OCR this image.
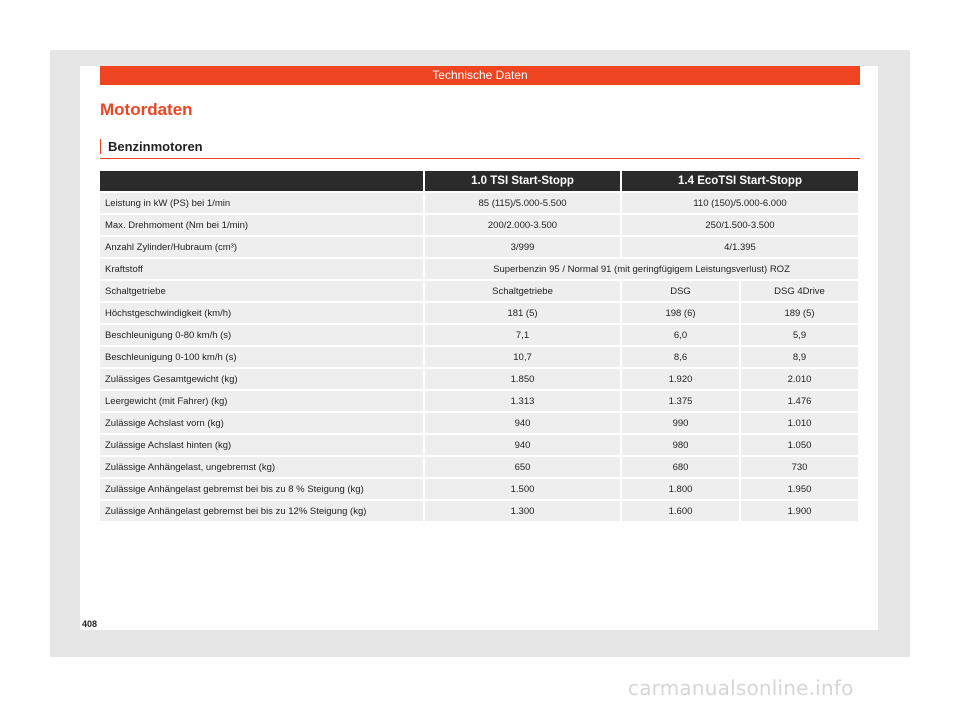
Technische Daten
Motordaten
Benzinmotoren
	1.0 TSI Start-Stopp	1.4 EcoTSI Start-Stopp	
Leistung in kW (PS) bei 1/min	85 (115)/5.000-5.500	110 (150)/5.000-6.000	
Max. Drehmoment (Nm bei 1/min)	200/2.000-3.500	250/1.500-3.500	
Anzahl Zylinder/Hubraum (cm³)	3/999	4/1.395	
Kraftstoff	Superbenzin 95 / Normal 91 (mit geringfügigem Leistungsverlust) ROZ		
Schaltgetriebe	Schaltgetriebe	DSG	DSG 4Drive
Höchstgeschwindigkeit (km/h)	181 (5)	198 (6)	189 (5)
Beschleunigung 0-80 km/h (s)	7,1	6,0	5,9
Beschleunigung 0-100 km/h (s)	10,7	8,6	8,9
Zulässiges Gesamtgewicht (kg)	1.850	1.920	2.010
Leergewicht (mit Fahrer) (kg)	1.313	1.375	1.476
Zulässige Achslast vorn (kg)	940	990	1.010
Zulässige Achslast hinten (kg)	940	980	1.050
Zulässige Anhängelast, ungebremst (kg)	650	680	730
Zulässige Anhängelast gebremst bei bis zu 8 % Steigung (kg)	1.500	1.800	1.950
Zulässige Anhängelast gebremst bei bis zu 12% Steigung (kg)	1.300	1.600	1.900
408
carmanualsonline.info
